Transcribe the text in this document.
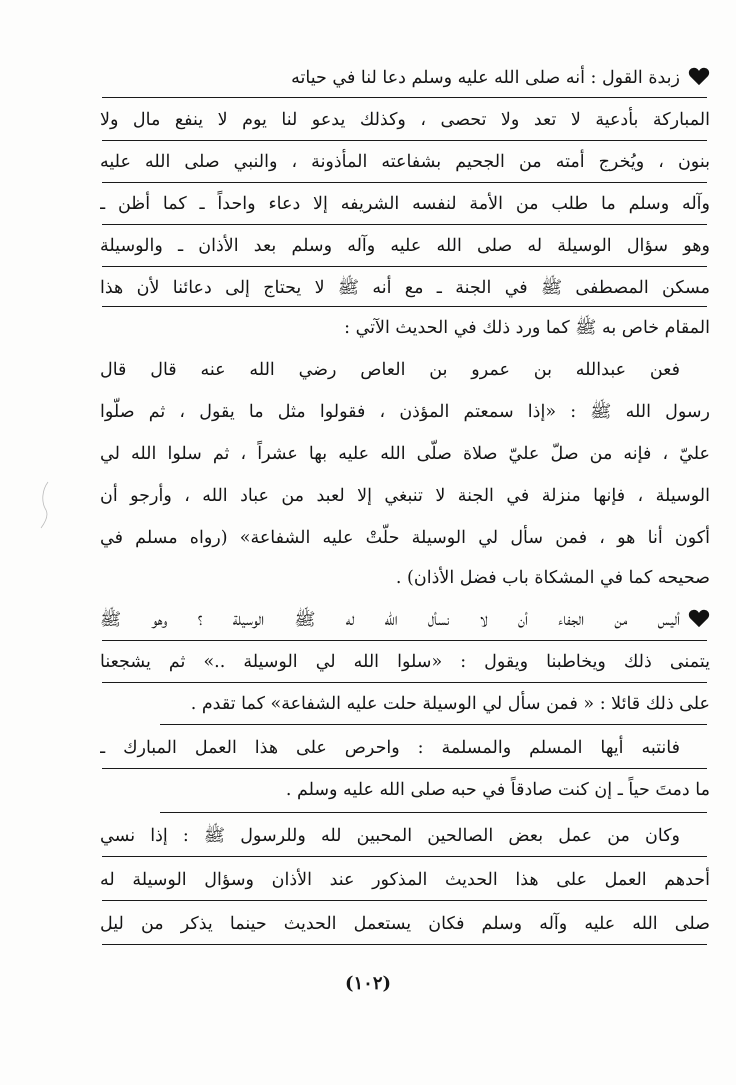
زبدة القول : أنه صلى الله عليه وسلم دعا لنا في حياته
المباركة بأدعية لا تعد ولا تحصى ، وكذلك يدعو لنا يوم لا ينفع مال ولا
بنون ، ويُخرج أمته من الجحيم بشفاعته المأذونة ، والنبي صلى الله عليه
وآله وسلم ما طلب من الأمة لنفسه الشريفه إلا دعاء واحداً ـ كما أظن ـ
وهو سؤال الوسيلة له صلى الله عليه وآله وسلم بعد الأذان ـ والوسيلة
مسكن المصطفى ﷺ في الجنة ـ مع أنه ﷺ لا يحتاج إلى دعائنا لأن هذا
المقام خاص به ﷺ كما ورد ذلك في الحديث الآتي :
فعن عبدالله بن عمرو بن العاص رضي الله عنه قال قال
رسول الله ﷺ : «إذا سمعتم المؤذن ، فقولوا مثل ما يقول ، ثم صلّوا
عليّ ، فإنه من صلّ عليّ صلاة صلّى الله عليه بها عشراً ، ثم سلوا الله لي
الوسيلة ، فإنها منزلة في الجنة لا تنبغي إلا لعبد من عباد الله ، وأرجو أن
أكون أنا هو ، فمن سأل لي الوسيلة حلّتْ عليه الشفاعة» (رواه مسلم في
صحيحه كما في المشكاة باب فضل الأذان) .
أليس من الجفاء أن لا نسأل الله له ﷺ الوسيلة ؟ وهو ﷺ
يتمنى ذلك ويخاطبنا ويقول : «سلوا الله لي الوسيلة ..» ثم يشجعنا
على ذلك قائلا : « فمن سأل لي الوسيلة حلت عليه الشفاعة» كما تقدم .
فانتبه أيها المسلم والمسلمة : واحرص على هذا العمل المبارك ـ
ما دمتَ حياً ـ إن كنت صادقاً في حبه صلى الله عليه وسلم .
وكان من عمل بعض الصالحين المحبين لله وللرسول ﷺ : إذا نسي
أحدهم العمل على هذا الحديث المذكور عند الأذان وسؤال الوسيلة له
صلى الله عليه وآله وسلم فكان يستعمل الحديث حينما يذكر من ليل
(١٠٢)
